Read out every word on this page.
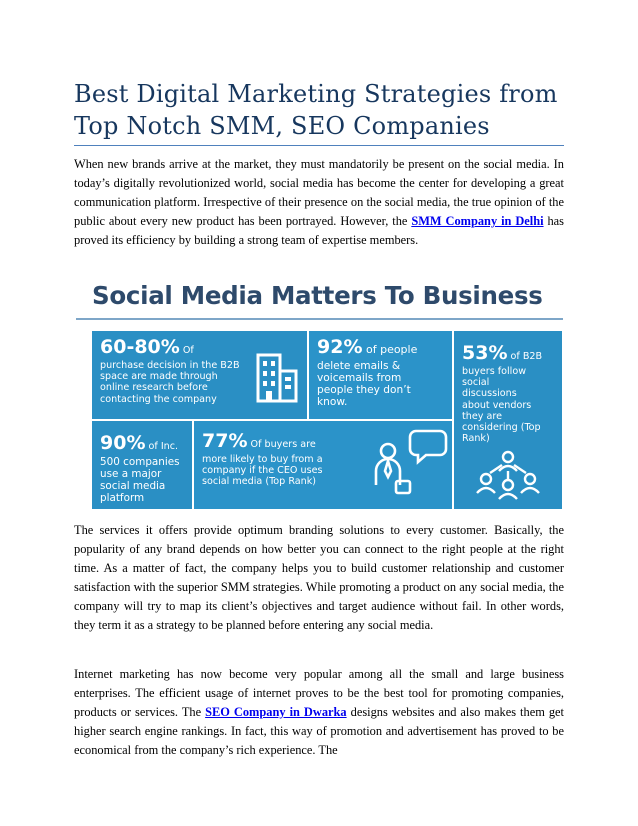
Best Digital Marketing Strategies from Top Notch SMM, SEO Companies

When new brands arrive at the market, they must mandatorily be present on the social media. In today’s digitally revolutionized world, social media has become the center for developing a great communication platform. Irrespective of their presence on the social media, the true opinion of the public about every new product has been portrayed. However, the SMM Company in Delhi has proved its efficiency by building a strong team of expertise members.

The services it offers provide optimum branding solutions to every customer. Basically, the popularity of any brand depends on how better you can connect to the right people at the right time. As a matter of fact, the company helps you to build customer relationship and customer satisfaction with the superior SMM strategies. While promoting a product on any social media, the company will try to map its client’s objectives and target audience without fail. In other words, they term it as a strategy to be planned before entering any social media.

Internet marketing has now become very popular among all the small and large business enterprises. The efficient usage of internet proves to be the best tool for promoting companies, products or services. The SEO Company in Dwarka designs websites and also makes them get higher search engine rankings. In fact, this way of promotion and advertisement has proved to be economical from the company’s rich experience. The

Social Media Matters To Business
60-80% Of
purchase decision in the B2B space are made through online research before contacting the company
92% of people
delete emails & voicemails from people they don’t know.
53% of B2B
buyers follow social discussions about vendors they are considering (Top Rank)
90% of Inc.
500 companies use a major social media platform
77% Of buyers are
more likely to buy from a company if the CEO uses social media (Top Rank)
